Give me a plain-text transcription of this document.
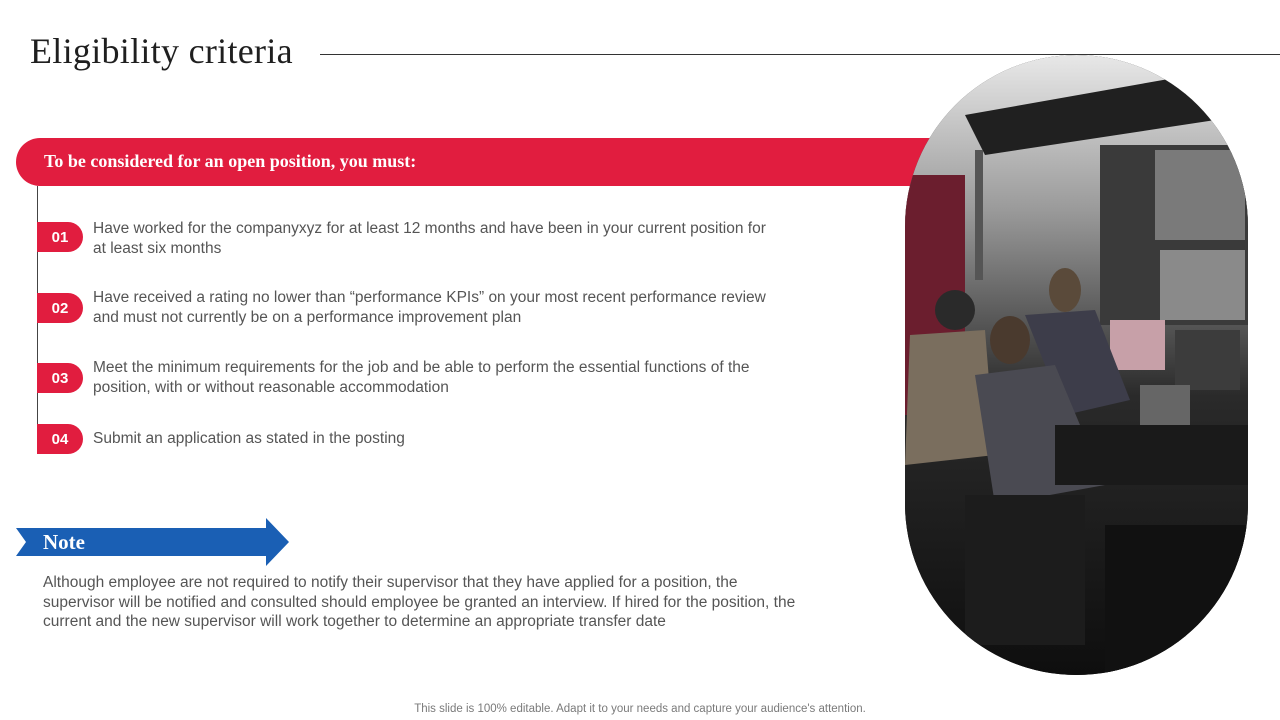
Eligibility criteria
To be considered for an open position, you must:
01	Have worked for the companyxyz for at least 12 months and have been in your current position for at least six months
02
Have received a rating no lower than “performance KPIs” on your most recent performance review and must not currently be on a performance improvement plan
03
Meet the minimum requirements for the job and be able to perform the essential functions of the position, with or without reasonable accommodation
04	Submit an application as stated in the posting
Note
Although employee are not required to notify their supervisor that they have applied for a position, the supervisor will be notified and consulted should employee be granted an interview. If hired for the position, the current and the new supervisor will work together to determine an appropriate transfer date
This slide is 100% editable. Adapt it to your needs and capture your audience's attention.
